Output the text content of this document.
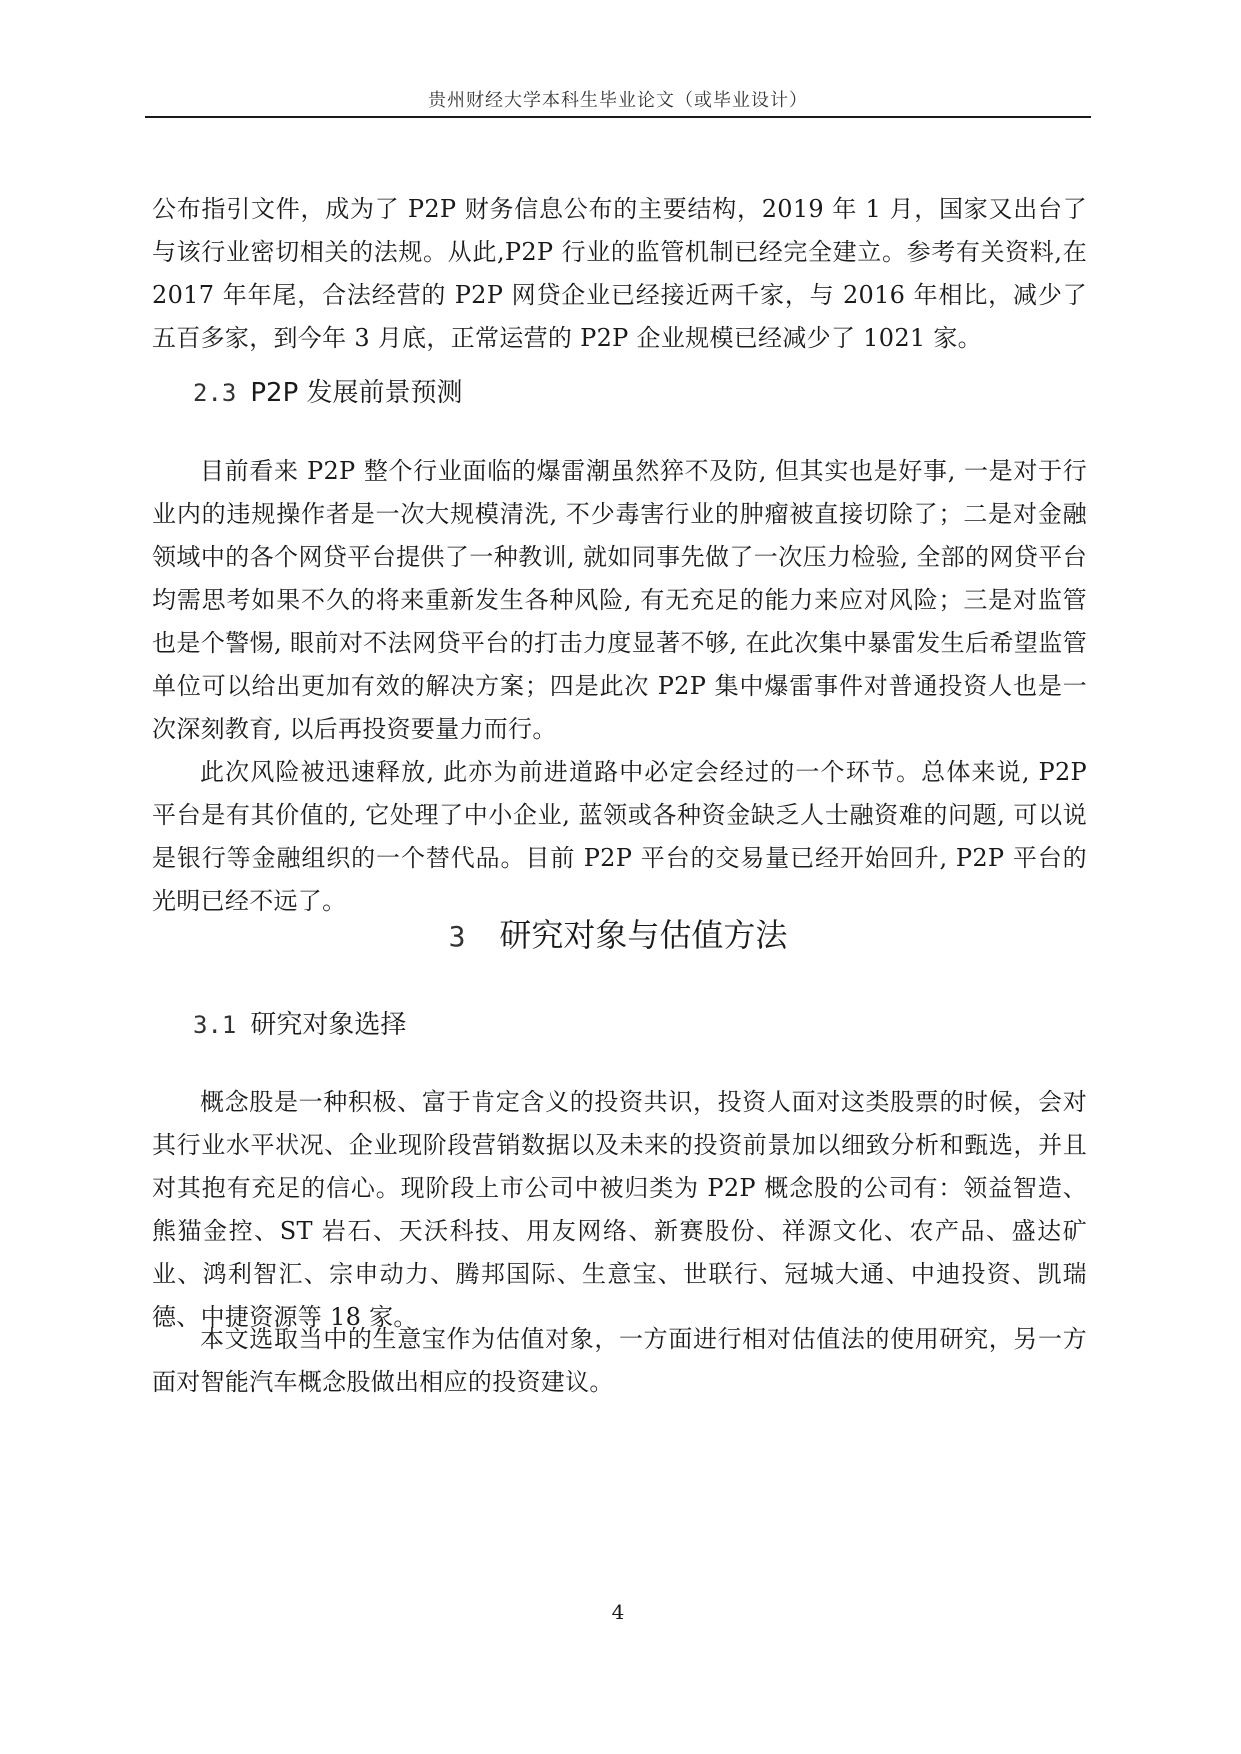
贵州财经大学本科生毕业论文（或毕业设计）

公布指引文件，成为了 P2P 财务信息公布的主要结构，2019 年 1 月，国家又出台了与该行业密切相关的法规。从此,P2P 行业的监管机制已经完全建立。参考有关资料,在 2017 年年尾，合法经营的 P2P 网贷企业已经接近两千家，与 2016 年相比，减少了五百多家，到今年 3 月底，正常运营的 P2P 企业规模已经减少了 1021 家。

2.3 P2P 发展前景预测

目前看来 P2P 整个行业面临的爆雷潮虽然猝不及防, 但其实也是好事, 一是对于行业内的违规操作者是一次大规模清洗, 不少毒害行业的肿瘤被直接切除了；二是对金融领域中的各个网贷平台提供了一种教训, 就如同事先做了一次压力检验, 全部的网贷平台均需思考如果不久的将来重新发生各种风险, 有无充足的能力来应对风险；三是对监管也是个警惕, 眼前对不法网贷平台的打击力度显著不够, 在此次集中暴雷发生后希望监管单位可以给出更加有效的解决方案；四是此次 P2P 集中爆雷事件对普通投资人也是一次深刻教育, 以后再投资要量力而行。

此次风险被迅速释放, 此亦为前进道路中必定会经过的一个环节。总体来说, P2P 平台是有其价值的, 它处理了中小企业, 蓝领或各种资金缺乏人士融资难的问题, 可以说是银行等金融组织的一个替代品。目前 P2P 平台的交易量已经开始回升, P2P 平台的光明已经不远了。

3 研究对象与估值方法
3.1 研究对象选择

概念股是一种积极、富于肯定含义的投资共识，投资人面对这类股票的时候，会对其行业水平状况、企业现阶段营销数据以及未来的投资前景加以细致分析和甄选，并且对其抱有充足的信心。现阶段上市公司中被归类为 P2P 概念股的公司有：领益智造、熊猫金控、ST 岩石、天沃科技、用友网络、新赛股份、祥源文化、农产品、盛达矿业、鸿利智汇、宗申动力、腾邦国际、生意宝、世联行、冠城大通、中迪投资、凯瑞德、中捷资源等 18 家。

本文选取当中的生意宝作为估值对象，一方面进行相对估值法的使用研究，另一方面对智能汽车概念股做出相应的投资建议。

4
